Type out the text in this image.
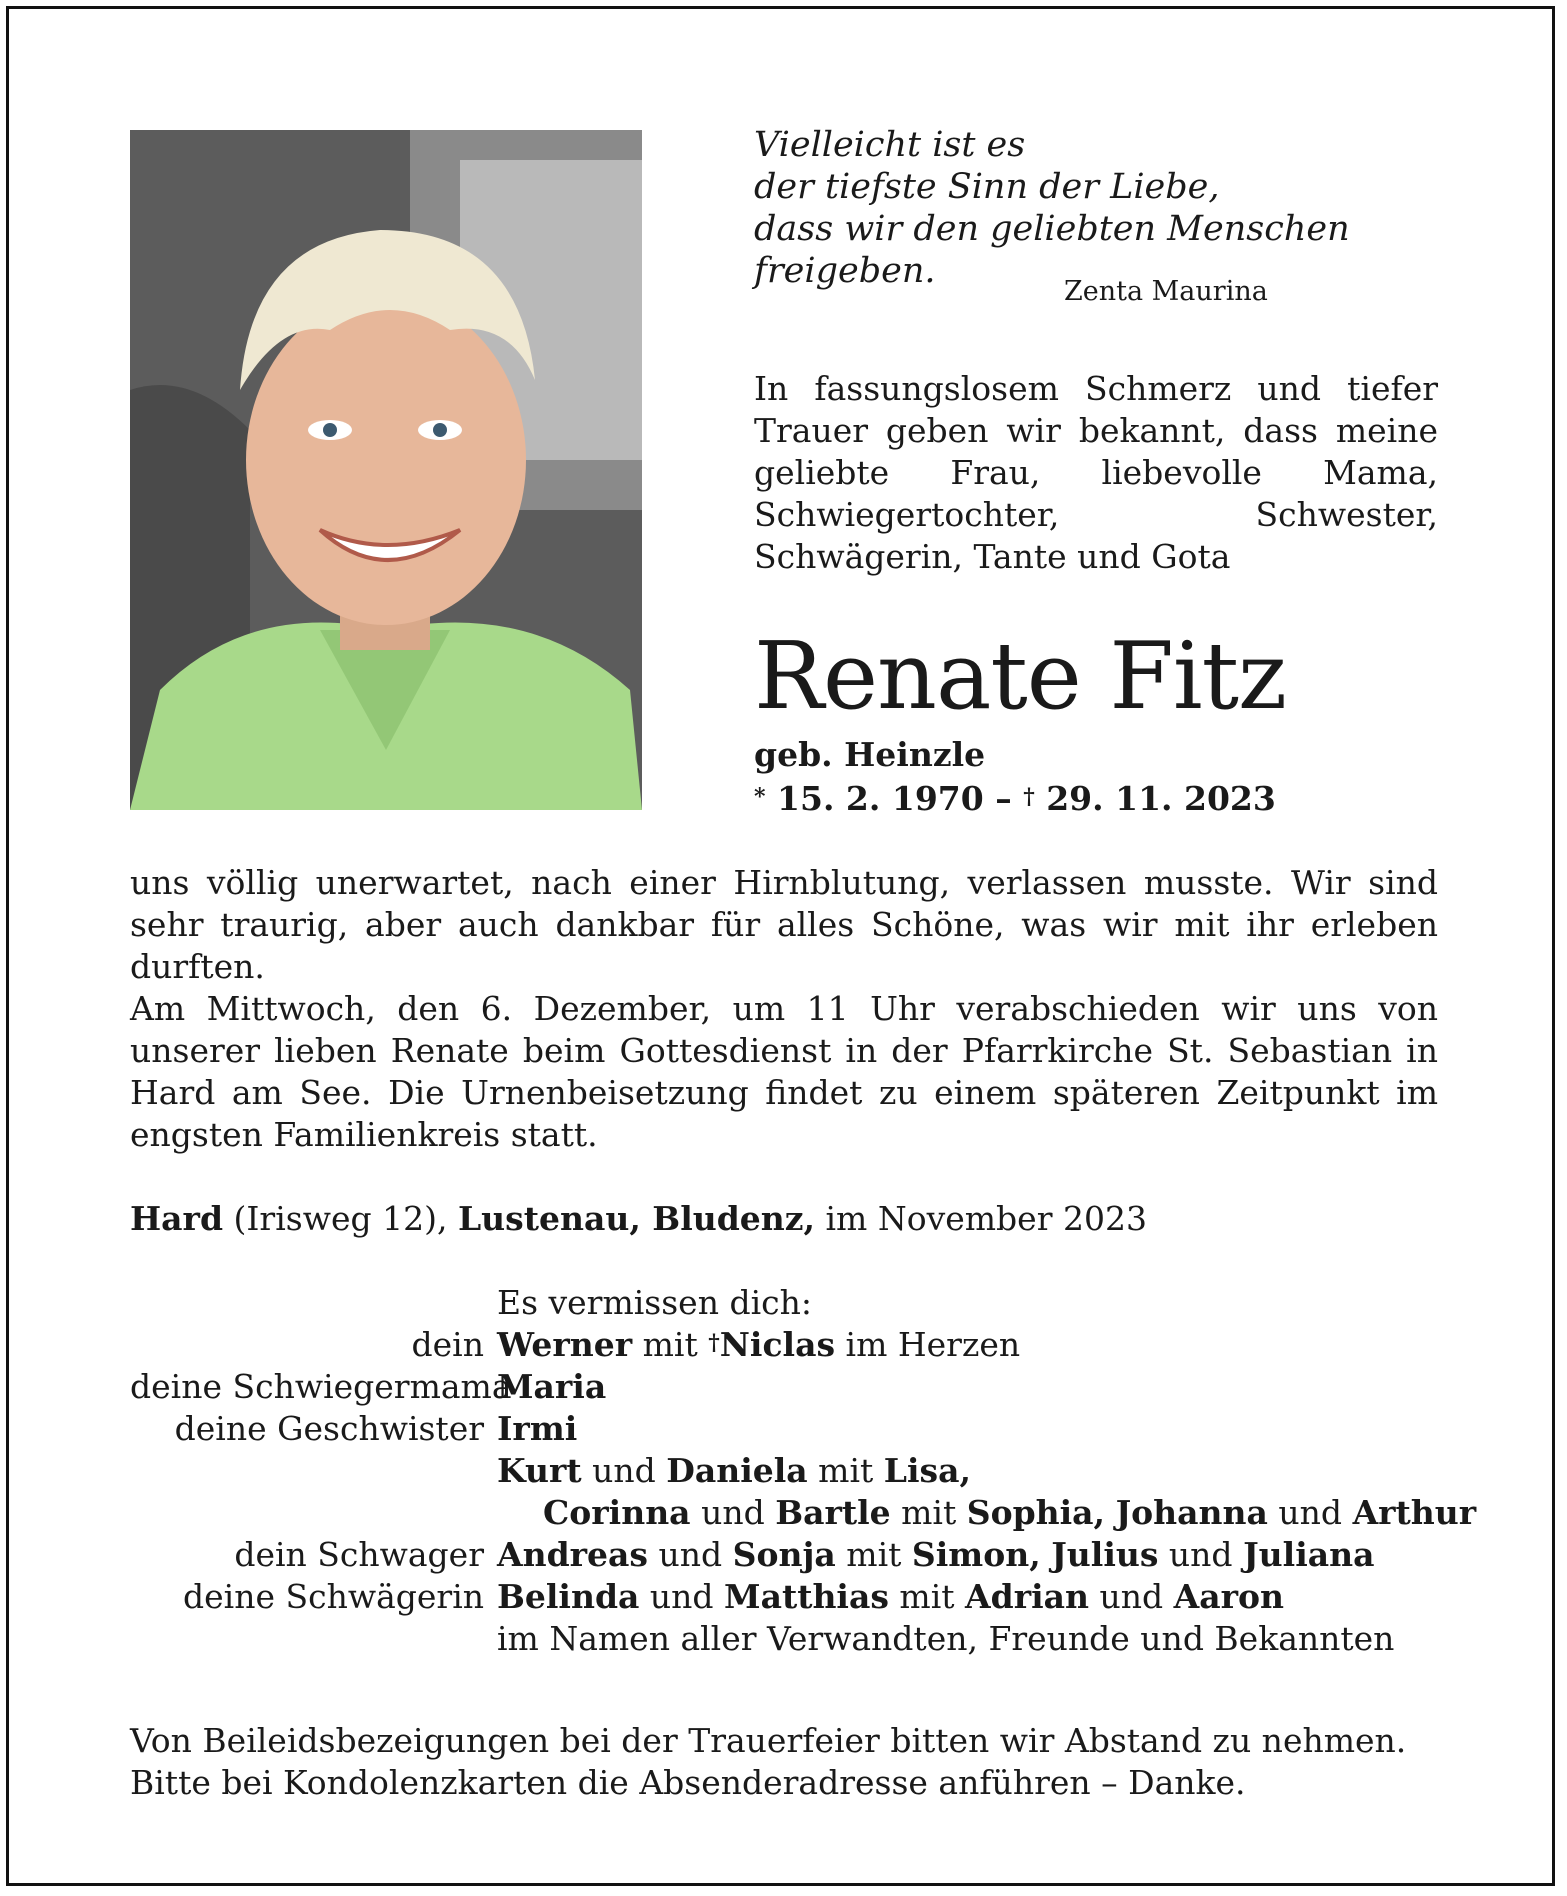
Vielleicht ist es
der tiefste Sinn der Liebe,
dass wir den geliebten Menschen
freigeben.
Zenta Maurina
In fassungslosem Schmerz und tiefer Trauer geben wir bekannt, dass meine geliebte Frau, liebevolle Mama, Schwiegertochter, Schwester, Schwägerin, Tante und Gota
Renate Fitz
geb. Heinzle
* 15. 2. 1970 – † 29. 11. 2023

uns völlig unerwartet, nach einer Hirnblutung, verlassen musste. Wir sind sehr traurig, aber auch dankbar für alles Schöne, was wir mit ihr erleben durften.

Am Mittwoch, den 6. Dezember, um 11 Uhr verabschieden wir uns von unserer lieben Renate beim Gottesdienst in der Pfarrkirche St. Sebastian in Hard am See. Die Urnenbeisetzung findet zu einem späteren Zeitpunkt im engsten Familienkreis statt.

Hard (Irisweg 12), Lustenau, Bludenz, im November 2023
Es vermissen dich:
dein Werner mit †Niclas im Herzen
deine Schwiegermama
Maria
deine Geschwister Irmi
Kurt und Daniela mit Lisa,
Corinna und Bartle mit Sophia, Johanna und Arthur
dein Schwager Andreas und Sonja mit Simon, Julius und Juliana
deine Schwägerin Belinda und Matthias mit Adrian und Aaron
im Namen aller Verwandten, Freunde und Bekannten

Von Beileidsbezeigungen bei der Trauerfeier bitten wir Abstand zu nehmen.

Bitte bei Kondolenzkarten die Absenderadresse anführen – Danke.
